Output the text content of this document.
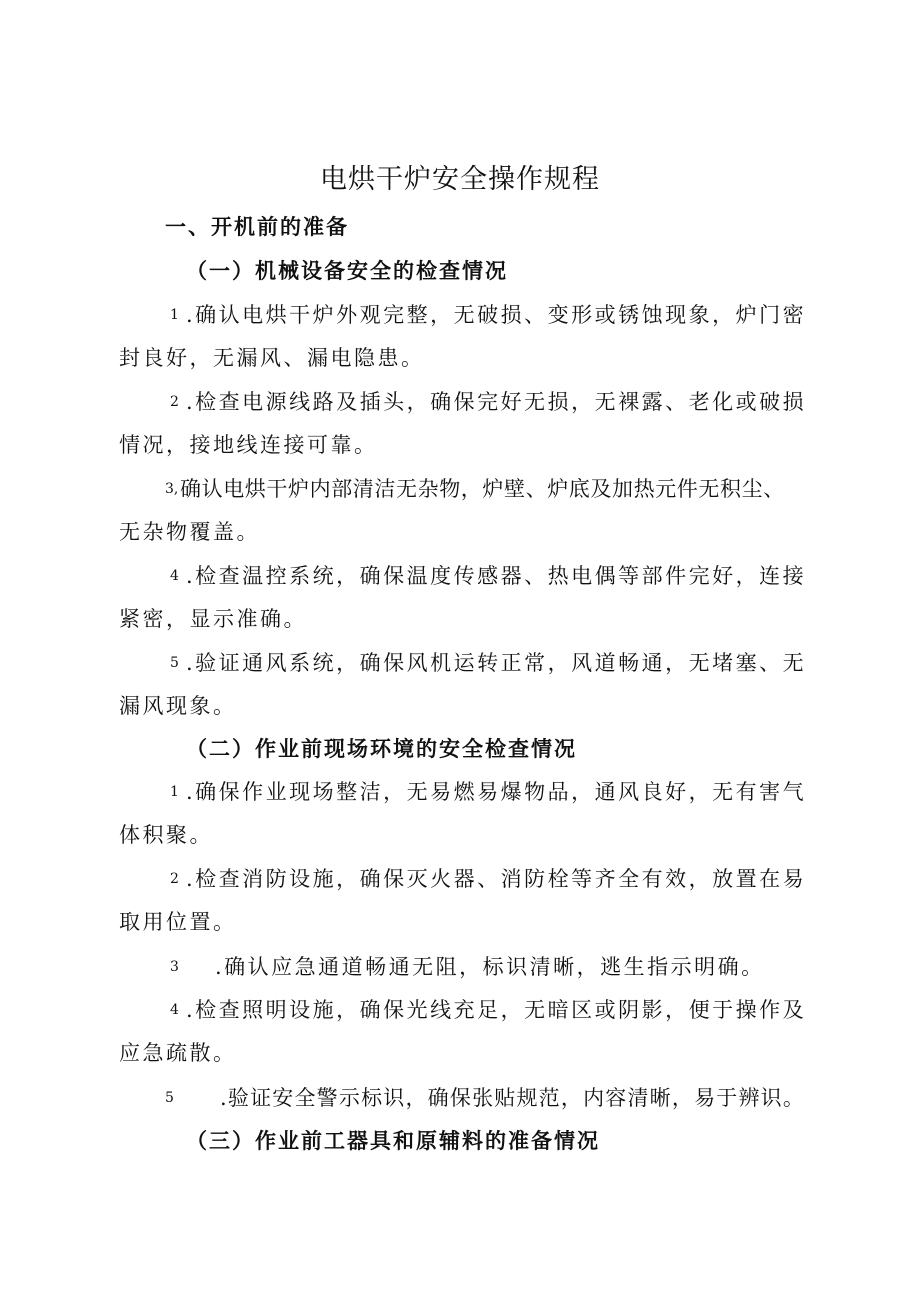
电烘干炉安全操作规程
一、开机前的准备
（一）机械设备安全的检查情况
1 .确认电烘干炉外观完整，无破损、变形或锈蚀现象，炉门密
封良好，无漏风、漏电隐患。
2 .检查电源线路及插头，确保完好无损，无裸露、老化或破损
情况，接地线连接可靠。
3, 确认电烘干炉内部清洁无杂物，炉壁、炉底及加热元件无积尘、
无杂物覆盖。
4 .检查温控系统，确保温度传感器、热电偶等部件完好，连接
紧密，显示准确。
5 .验证通风系统，确保风机运转正常，风道畅通，无堵塞、无
漏风现象。
（二）作业前现场环境的安全检查情况
1 .确保作业现场整洁，无易燃易爆物品，通风良好，无有害气
体积聚。
2 .检查消防设施，确保灭火器、消防栓等齐全有效，放置在易
取用位置。
3 .确认应急通道畅通无阻，标识清晰，逃生指示明确。
4 .检查照明设施，确保光线充足，无暗区或阴影，便于操作及
应急疏散。
5 .验证安全警示标识，确保张贴规范，内容清晰，易于辨识。
（三）作业前工器具和原辅料的准备情况
